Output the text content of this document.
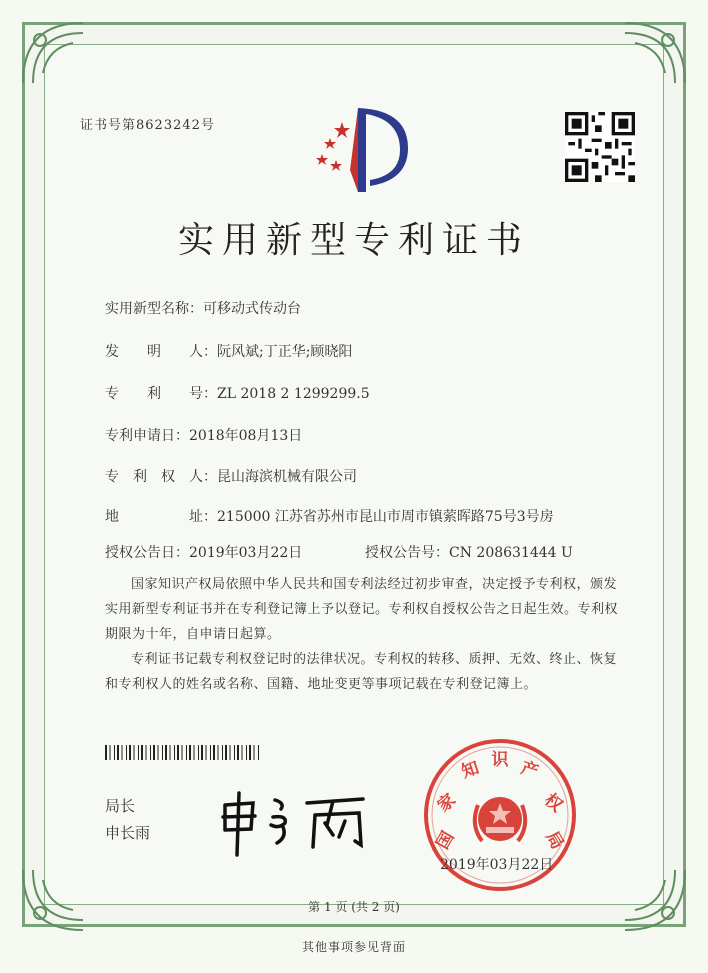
证书号第8623242号
实用新型专利证书
实用新型名称：可移动式传动台
发　　明　　人：阮风斌;丁正华;顾晓阳
专　　利　　号：ZL 2018 2 1299299.5
专利申请日：2018年08月13日
专　利　权　人：昆山海滨机械有限公司
地　　　　　址：215000 江苏省苏州市昆山市周市镇萦晖路75号3号房
授权公告日：2019年03月22日	授权公告号：CN 208631444 U
国家知识产权局依照中华人民共和国专利法经过初步审查，决定授予专利权，颁发实用新型专利证书并在专利登记簿上予以登记。专利权自授权公告之日起生效。专利权期限为十年，自申请日起算。
专利证书记载专利权登记时的法律状况。专利权的转移、质押、无效、终止、恢复和专利权人的姓名或名称、国籍、地址变更等事项记载在专利登记簿上。
局长
申长雨	国
家
知 识 产
权
局
2019年03月22日
第 1 页 (共 2 页)
其他事项参见背面
